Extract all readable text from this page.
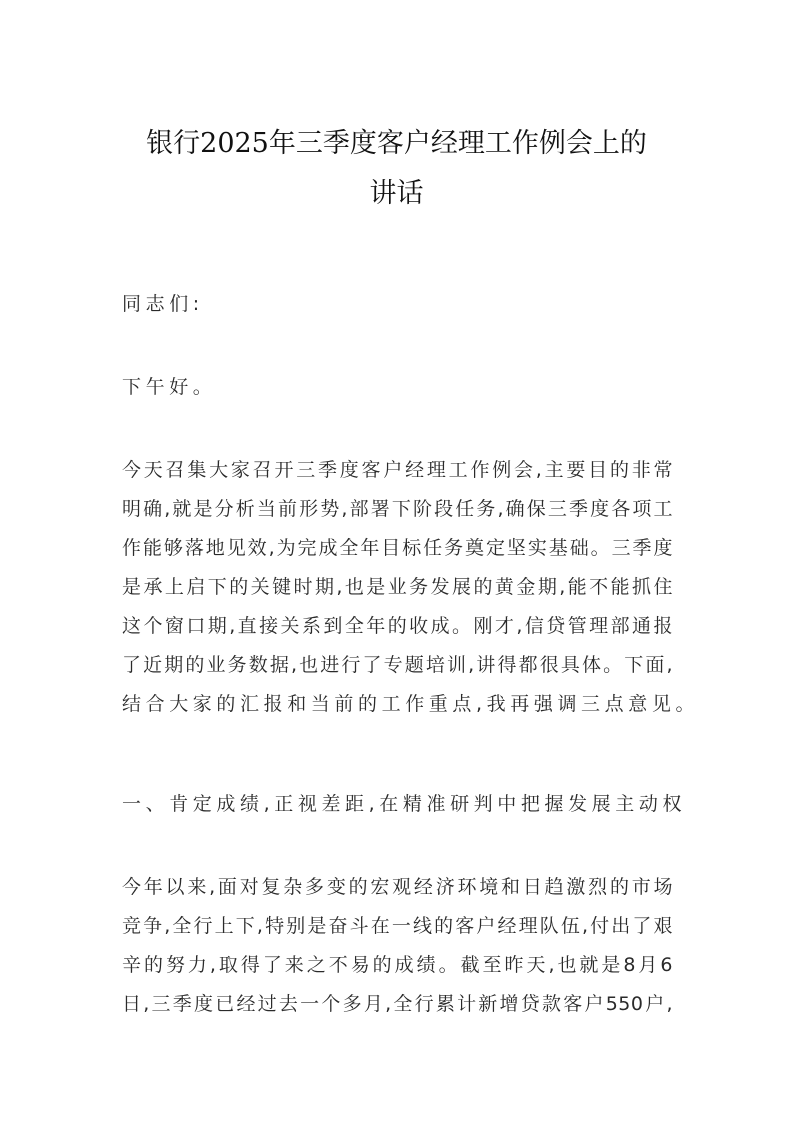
银行2025年三季度客户经理工作例会上的
讲话
同志们:
下午好。
今天召集大家召开三季度客户经理工作例会,主要目的非常
明确,就是分析当前形势,部署下阶段任务,确保三季度各项工
作能够落地见效,为完成全年目标任务奠定坚实基础。三季度
是承上启下的关键时期,也是业务发展的黄金期,能不能抓住
这个窗口期,直接关系到全年的收成。刚才,信贷管理部通报
了近期的业务数据,也进行了专题培训,讲得都很具体。下面,
结合大家的汇报和当前的工作重点,我再强调三点意见。
一、肯定成绩,正视差距,在精准研判中把握发展主动权
今年以来,面对复杂多变的宏观经济环境和日趋激烈的市场
竞争,全行上下,特别是奋斗在一线的客户经理队伍,付出了艰
辛的努力,取得了来之不易的成绩。截至昨天,也就是8月6
日,三季度已经过去一个多月,全行累计新增贷款客户550户,
